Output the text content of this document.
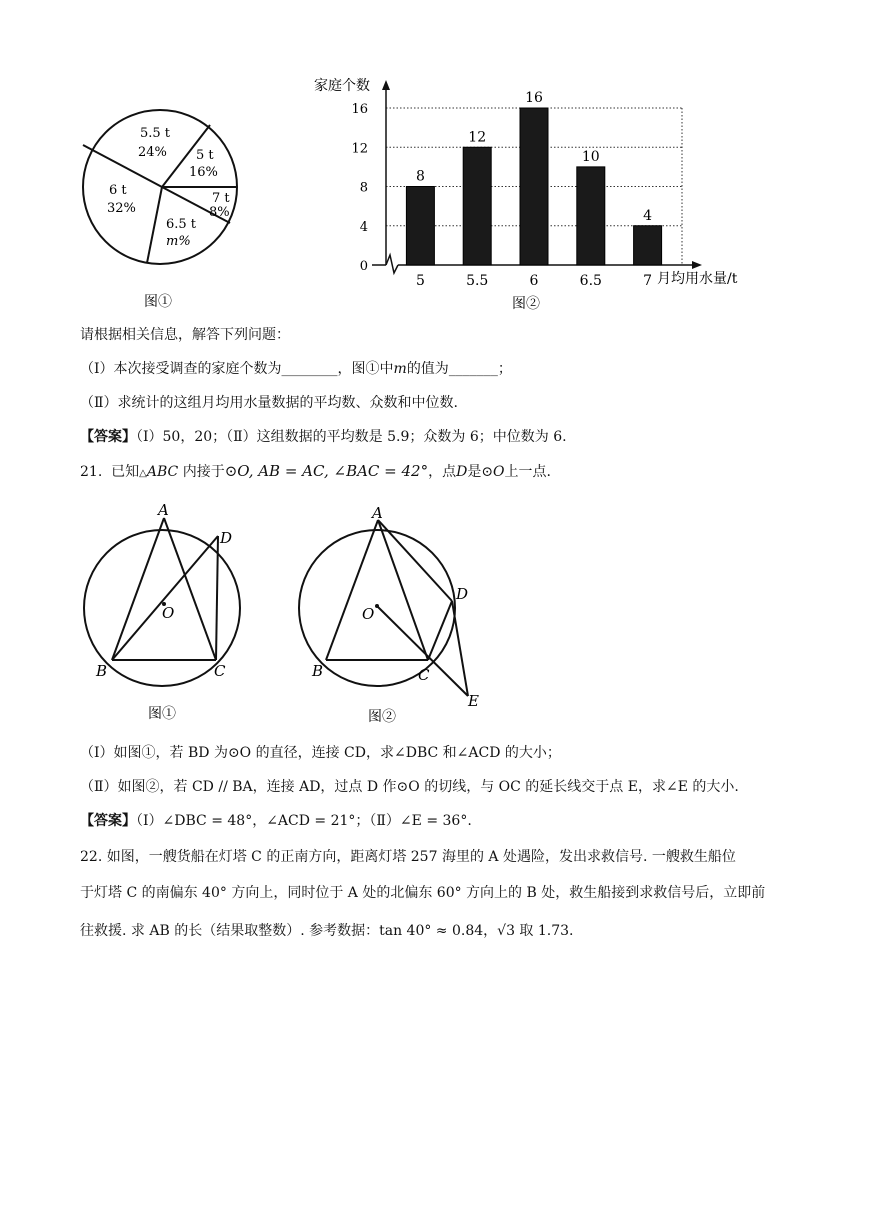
5.5 t
24% 5 t
16%
7 t
8%
6.5 t
m%
6 t
32%
图①
家庭个数
0
4
8
12
16
8
5
12
5.5
16
6
10
6.5
4
7 月均用水量/t
图②
请根据相关信息，解答下列问题：
（Ⅰ）本次接受调查的家庭个数为________，图①中m的值为_______；
（Ⅱ）求统计的这组月均用水量数据的平均数、众数和中位数.
【答案】（Ⅰ）50，20；（Ⅱ）这组数据的平均数是 5.9；众数为 6；中位数为 6.
21. 已知△ABC 内接于⊙O, AB = AC, ∠BAC = 42°，点D是⊙O上一点.
A
D
O
B	C
图①
A
D
O
B	C
E
图②
（Ⅰ）如图①，若 BD 为⊙O 的直径，连接 CD，求∠DBC 和∠ACD 的大小；
（Ⅱ）如图②，若 CD // BA，连接 AD，过点 D 作⊙O 的切线，与 OC 的延长线交于点 E，求∠E 的大小.
【答案】（Ⅰ）∠DBC = 48°，∠ACD = 21°；（Ⅱ）∠E = 36°.
22. 如图，一艘货船在灯塔 C 的正南方向，距离灯塔 257 海里的 A 处遇险，发出求救信号. 一艘救生船位
于灯塔 C 的南偏东 40° 方向上，同时位于 A 处的北偏东 60° 方向上的 B 处，救生船接到求救信号后，立即前
往救援. 求 AB 的长（结果取整数）. 参考数据：tan 40° ≈ 0.84，√3 取 1.73.
